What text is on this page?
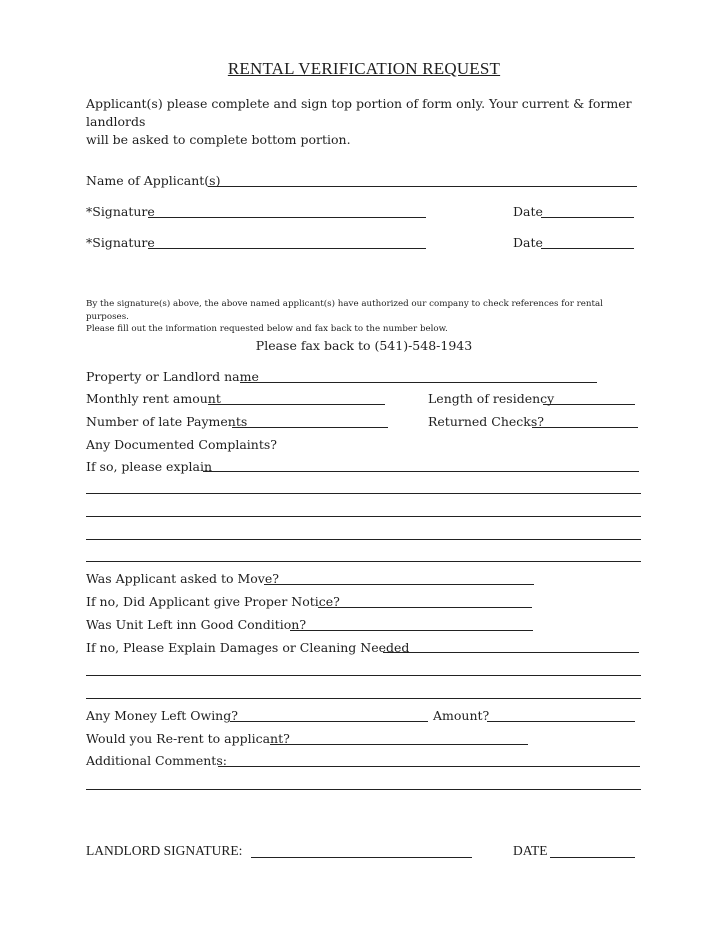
RENTAL VERIFICATION REQUEST
Applicant(s) please complete and sign top portion of form only. Your current & former landlords
will be asked to complete bottom portion.
Name of Applicant(s)
*Signature	Date
*Signature	Date
By the signature(s) above, the above named applicant(s) have authorized our company to check references for rental purposes.
Please fill out the information requested below and fax back to the number below.
Please fax back to (541)-548-1943
Property or Landlord name
Monthly rent amount	Length of residency
Number of late Payments	Returned Checks?
Any Documented Complaints?
If so, please explain
Was Applicant asked to Move?
If no, Did Applicant give Proper Notice?
Was Unit Left inn Good Condition?
If no, Please Explain Damages or Cleaning Needed
Any Money Left Owing?	Amount?
Would you Re-rent to applicant?
Additional Comments:
LANDLORD SIGNATURE:	DATE
